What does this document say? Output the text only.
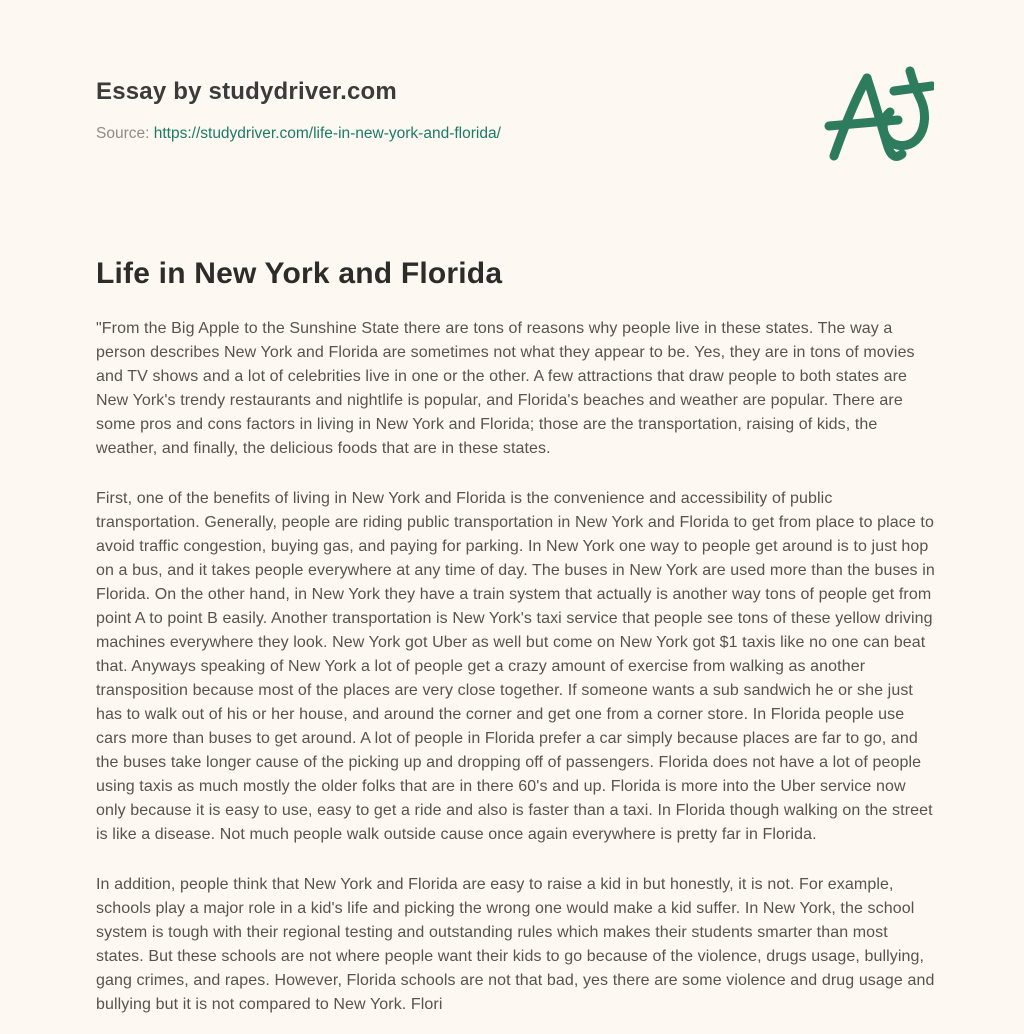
Essay by studydriver.com
Source: https://studydriver.com/life-in-new-york-and-florida/
Life in New York and Florida

"From the Big Apple to the Sunshine State there are tons of reasons why people live in these states. The way a person describes New York and Florida are sometimes not what they appear to be. Yes, they are in tons of movies and TV shows and a lot of celebrities live in one or the other. A few attractions that draw people to both states are New York's trendy restaurants and nightlife is popular, and Florida's beaches and weather are popular. There are some pros and cons factors in living in New York and Florida; those are the transportation, raising of kids, the weather, and finally, the delicious foods that are in these states.

First, one of the benefits of living in New York and Florida is the convenience and accessibility of public transportation. Generally, people are riding public transportation in New York and Florida to get from place to place to avoid traffic congestion, buying gas, and paying for parking. In New York one way to people get around is to just hop on a bus, and it takes people everywhere at any time of day. The buses in New York are used more than the buses in Florida. On the other hand, in New York they have a train system that actually is another way tons of people get from point A to point B easily. Another transportation is New York's taxi service that people see tons of these yellow driving machines everywhere they look. New York got Uber as well but come on New York got $1 taxis like no one can beat that. Anyways speaking of New York a lot of people get a crazy amount of exercise from walking as another transposition because most of the places are very close together. If someone wants a sub sandwich he or she just has to walk out of his or her house, and around the corner and get one from a corner store. In Florida people use cars more than buses to get around. A lot of people in Florida prefer a car simply because places are far to go, and the buses take longer cause of the picking up and dropping off of passengers. Florida does not have a lot of people using taxis as much mostly the older folks that are in there 60's and up. Florida is more into the Uber service now only because it is easy to use, easy to get a ride and also is faster than a taxi. In Florida though walking on the street is like a disease. Not much people walk outside cause once again everywhere is pretty far in Florida.

In addition, people think that New York and Florida are easy to raise a kid in but honestly, it is not. For example, schools play a major role in a kid's life and picking the wrong one would make a kid suffer. In New York, the school system is tough with their regional testing and outstanding rules which makes their students smarter than most states. But these schools are not where people want their kids to go because of the violence, drugs usage, bullying, gang crimes, and rapes. However, Florida schools are not that bad, yes there are some violence and drug usage and bullying but it is not compared to New York. Flori
